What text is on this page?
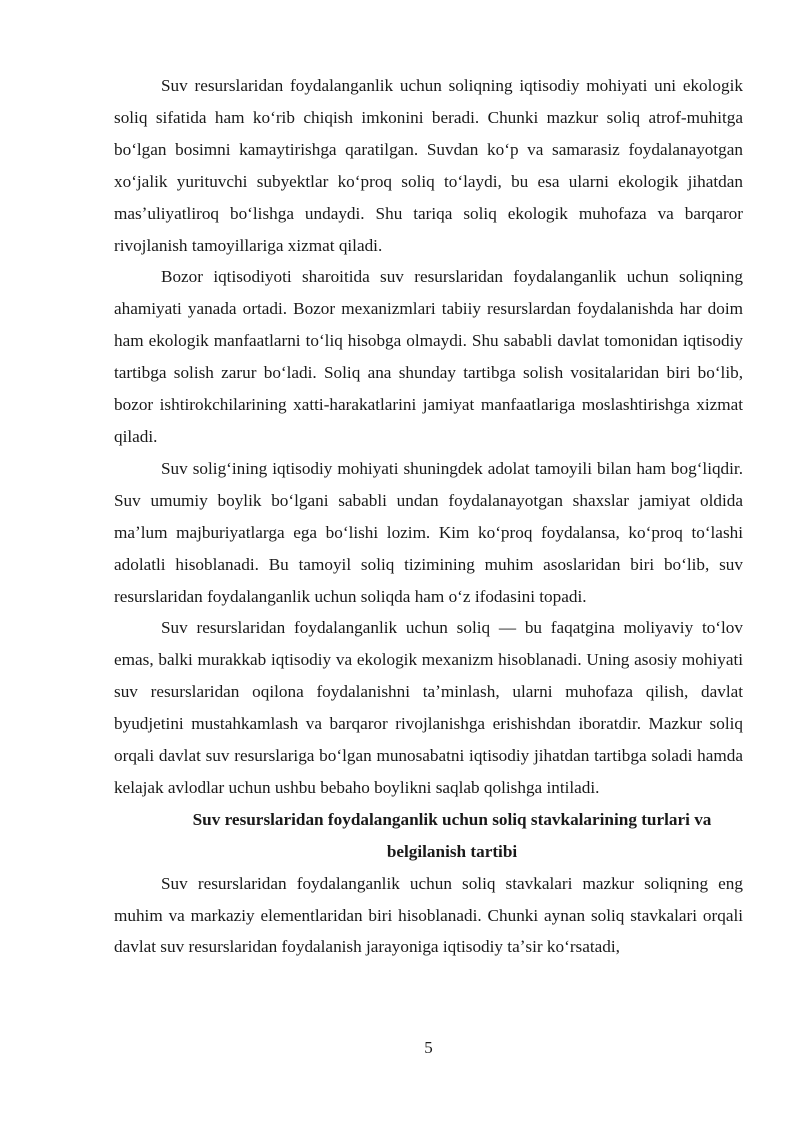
Suv resurslaridan foydalanganlik uchun soliqning iqtisodiy mohiyati uni ekologik soliq sifatida ham koʻrib chiqish imkonini beradi. Chunki mazkur soliq atrof-muhitga boʻlgan bosimni kamaytirishga qaratilgan. Suvdan koʻp va samarasiz foydalanayotgan xoʻjalik yurituvchi subyektlar koʻproq soliq toʻlaydi, bu esa ularni ekologik jihatdan masʼuliyatliroq boʻlishga undaydi. Shu tariqa soliq ekologik muhofaza va barqaror rivojlanish tamoyillariga xizmat qiladi.

Bozor iqtisodiyoti sharoitida suv resurslaridan foydalanganlik uchun soliqning ahamiyati yanada ortadi. Bozor mexanizmlari tabiiy resurslardan foydalanishda har doim ham ekologik manfaatlarni toʻliq hisobga olmaydi. Shu sababli davlat tomonidan iqtisodiy tartibga solish zarur boʻladi. Soliq ana shunday tartibga solish vositalaridan biri boʻlib, bozor ishtirokchilarining xatti-harakatlarini jamiyat manfaatlariga moslashtirishga xizmat qiladi.

Suv soligʻining iqtisodiy mohiyati shuningdek adolat tamoyili bilan ham bogʻliqdir. Suv umumiy boylik boʻlgani sababli undan foydalanayotgan shaxslar jamiyat oldida maʼlum majburiyatlarga ega boʻlishi lozim. Kim koʻproq foydalansa, koʻproq toʻlashi adolatli hisoblanadi. Bu tamoyil soliq tizimining muhim asoslaridan biri boʻlib, suv resurslaridan foydalanganlik uchun soliqda ham oʻz ifodasini topadi.

Suv resurslaridan foydalanganlik uchun soliq — bu faqatgina moliyaviy toʻlov emas, balki murakkab iqtisodiy va ekologik mexanizm hisoblanadi. Uning asosiy mohiyati suv resurslaridan oqilona foydalanishni taʼminlash, ularni muhofaza qilish, davlat byudjetini mustahkamlash va barqaror rivojlanishga erishishdan iboratdir. Mazkur soliq orqali davlat suv resurslariga boʻlgan munosabatni iqtisodiy jihatdan tartibga soladi hamda kelajak avlodlar uchun ushbu bebaho boylikni saqlab qolishga intiladi.

Suv resurslaridan foydalanganlik uchun soliq stavkalarining turlari va belgilanish tartibi

Suv resurslaridan foydalanganlik uchun soliq stavkalari mazkur soliqning eng muhim va markaziy elementlaridan biri hisoblanadi. Chunki aynan soliq stavkalari orqali davlat suv resurslaridan foydalanish jarayoniga iqtisodiy taʼsir koʻrsatadi,

5
